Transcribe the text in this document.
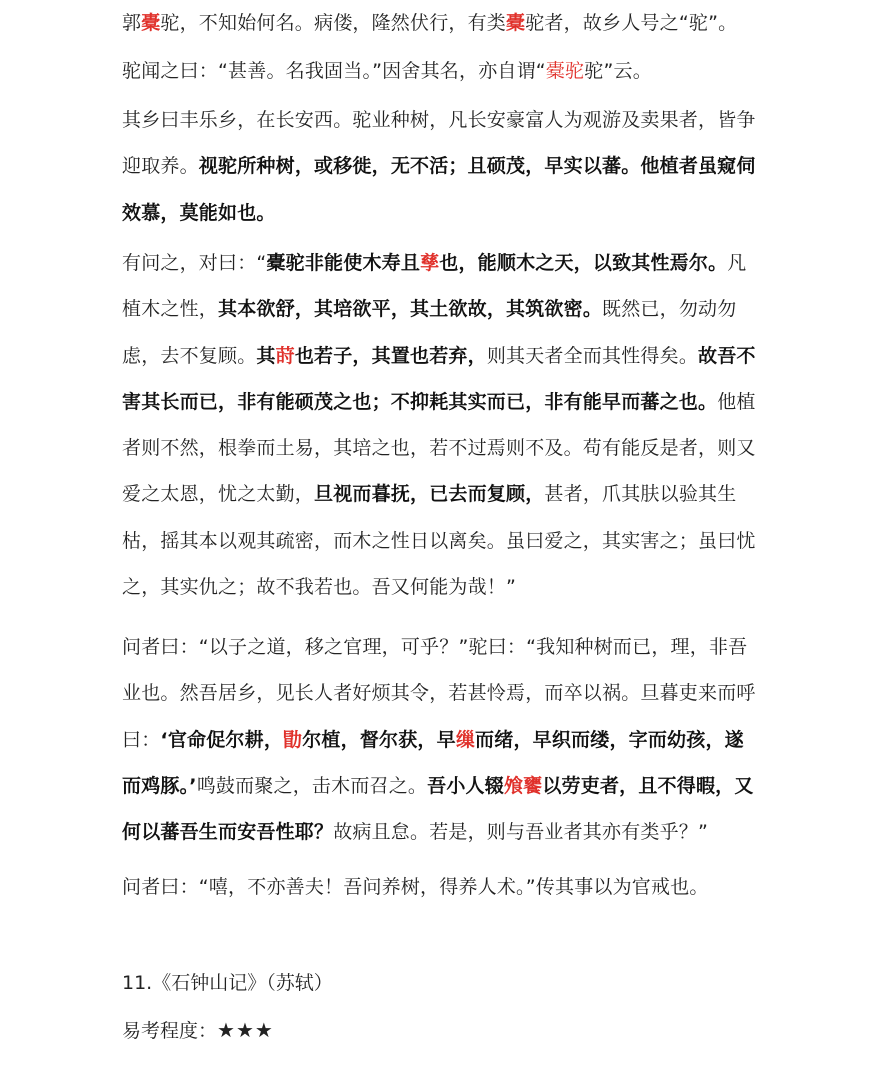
郭橐驼，不知始何名。病偻，隆然伏行，有类橐驼者，故乡人号之“驼”。

驼闻之曰：“甚善。名我固当。”因舍其名，亦自谓“橐驼驼”云。

其乡曰丰乐乡，在长安西。驼业种树，凡长安豪富人为观游及卖果者，皆争迎取养。视驼所种树，或移徙，无不活；且硕茂，早实以蕃。他植者虽窥伺效慕，莫能如也。

有问之，对曰：“橐驼非能使木寿且孳也，能顺木之天，以致其性焉尔。凡植木之性，其本欲舒，其培欲平，其土欲故，其筑欲密。既然已，勿动勿虑，去不复顾。其莳也若子，其置也若弃，则其天者全而其性得矣。故吾不害其长而已，非有能硕茂之也；不抑耗其实而已，非有能早而蕃之也。他植者则不然，根拳而土易，其培之也，若不过焉则不及。苟有能反是者，则又爱之太恩，忧之太勤，旦视而暮抚，已去而复顾，甚者，爪其肤以验其生枯，摇其本以观其疏密，而木之性日以离矣。虽曰爱之，其实害之；虽曰忧之，其实仇之；故不我若也。吾又何能为哉！”

问者曰：“以子之道，移之官理，可乎？”驼曰：“我知种树而已，理，非吾业也。然吾居乡，见长人者好烦其令，若甚怜焉，而卒以祸。旦暮吏来而呼曰：‘官命促尔耕，勖尔植，督尔获，早缫而绪，早织而缕，字而幼孩，遂而鸡豚。’鸣鼓而聚之，击木而召之。吾小人辍飧饔以劳吏者，且不得暇，又何以蕃吾生而安吾性耶？故病且怠。若是，则与吾业者其亦有类乎？”

问者曰：“嘻，不亦善夫！吾问养树，得养人术。”传其事以为官戒也。

11.《石钟山记》（苏轼）

易考程度：★★★
